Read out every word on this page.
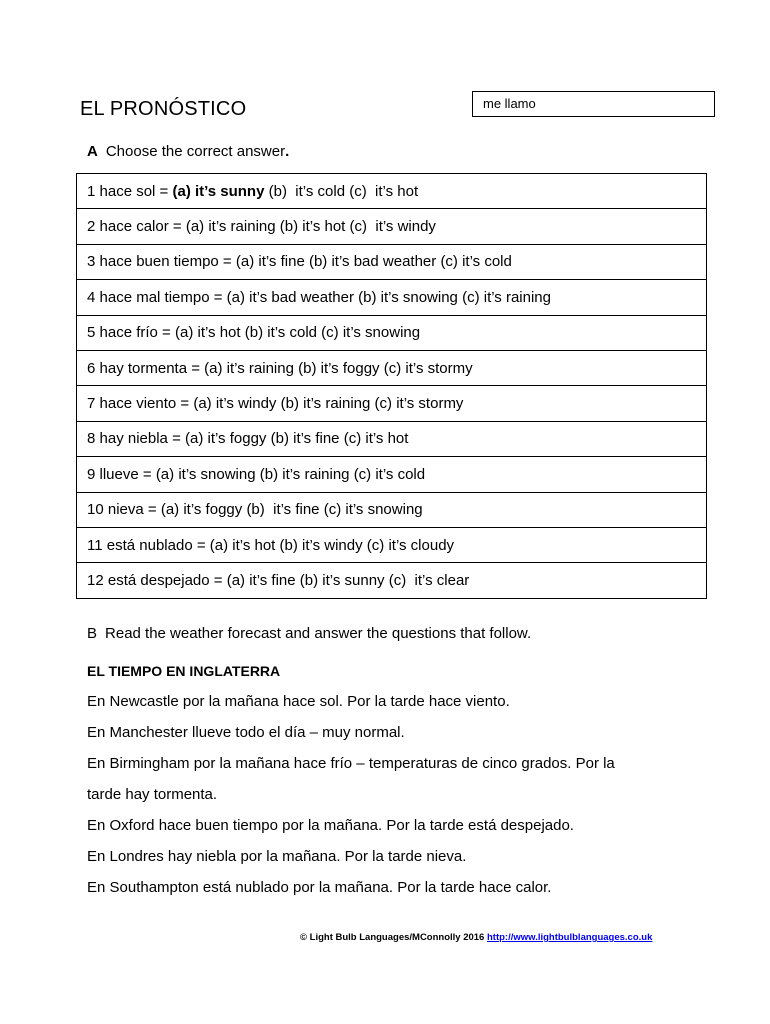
EL PRONÓSTICO	me llamo
A Choose the correct answer.
1 hace sol = (a) it’s sunny (b)  it’s cold (c)  it’s hot
2 hace calor = (a) it’s raining (b) it’s hot (c)  it’s windy
3 hace buen tiempo = (a) it’s fine (b) it’s bad weather (c) it’s cold
4 hace mal tiempo = (a) it’s bad weather (b) it’s snowing (c) it’s raining
5 hace frío = (a) it’s hot (b) it’s cold (c) it’s snowing
6 hay tormenta = (a) it’s raining (b) it’s foggy (c) it’s stormy
7 hace viento = (a) it’s windy (b) it’s raining (c) it’s stormy
8 hay niebla = (a) it’s foggy (b) it’s fine (c) it’s hot
9 llueve = (a) it’s snowing (b) it’s raining (c) it’s cold
10 nieva = (a) it’s foggy (b)  it’s fine (c) it’s snowing
11 está nublado = (a) it’s hot (b) it’s windy (c) it’s cloudy
12 está despejado = (a) it’s fine (b) it’s sunny (c)  it’s clear
B Read the weather forecast and answer the questions that follow.
EL TIEMPO EN INGLATERRA

En Newcastle por la mañana hace sol. Por la tarde hace viento.

En Manchester llueve todo el día – muy normal.

En Birmingham por la mañana hace frío – temperaturas de cinco grados. Por la

tarde hay tormenta.

En Oxford hace buen tiempo por la mañana. Por la tarde está despejado.

En Londres hay niebla por la mañana. Por la tarde nieva.

En Southampton está nublado por la mañana. Por la tarde hace calor.

© Light Bulb Languages/MConnolly 2016 http://www.lightbulblanguages.co.uk
